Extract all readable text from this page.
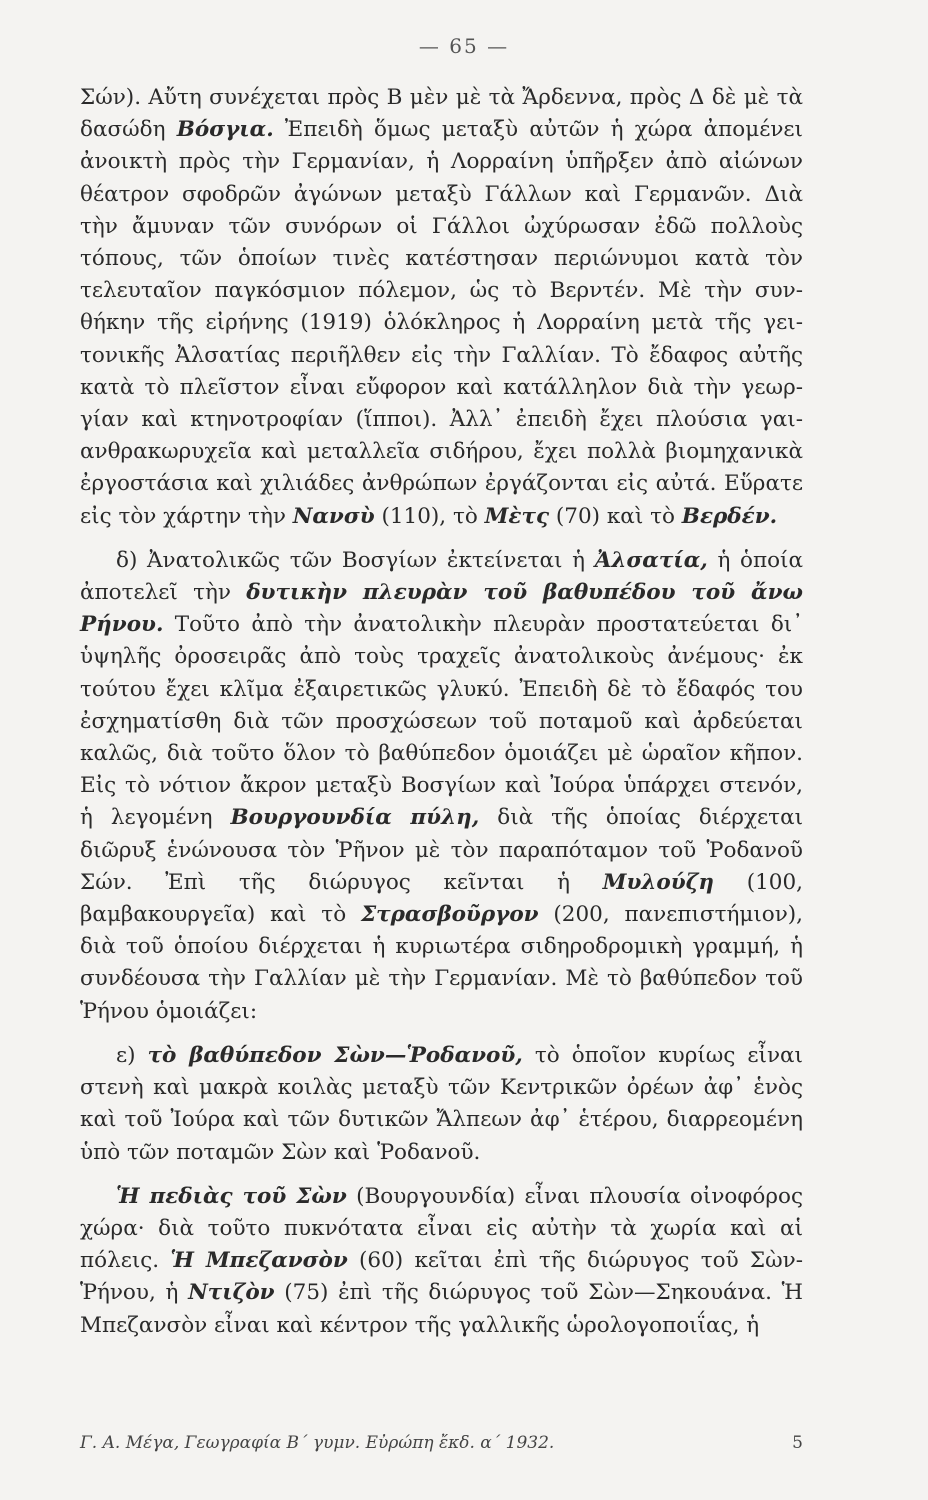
— 65 —

Σών). Αὔτη συνέχεται πρὸς Β μὲν μὲ τὰ Ἄρδεννα, πρὸς Δ δὲ μὲ τὰ δασώδη Βόσγια. Ἐπειδὴ ὅμως μεταξὺ αὐτῶν ἡ χώρα ἀπομένει ἀνοικτὴ πρὸς τὴν Γερμανίαν, ἡ Λορραίνη ὑπῆρξεν ἀπὸ αἰώνων θέατρον σφοδρῶν ἀγώνων μεταξὺ Γάλλων καὶ Γερμανῶν. Διὰ τὴν ἄμυναν τῶν συνόρων οἱ Γάλλοι ὠχύρωσαν ἐδῶ πολλοὺς τόπους, τῶν ὁποίων τινὲς κατέστησαν περιώνυμοι κατὰ τὸν τελευταῖον παγκόσμιον πόλεμον, ὡς τὸ Βερντέν. Μὲ τὴν συνθήκην τῆς εἰρήνης (1919) ὁλόκληρος ἡ Λορραίνη μετὰ τῆς γειτονικῆς Ἀλσατίας περιῆλθεν εἰς τὴν Γαλλίαν. Τὸ ἔδαφος αὐτῆς κατὰ τὸ πλεῖστον εἶναι εὔφορον καὶ κατάλληλον διὰ τὴν γεωργίαν καὶ κτηνοτροφίαν (ἵπποι). Ἀλλ᾽ ἐπειδὴ ἔχει πλούσια γαιανθρακωρυχεῖα καὶ μεταλλεῖα σιδήρου, ἔχει πολλὰ βιομηχανικὰ ἐργοστάσια καὶ χιλιάδες ἀνθρώπων ἐργάζονται εἰς αὐτά. Εὕρατε εἰς τὸν χάρτην τὴν Νανσὺ (110), τὸ Μὲτς (70) καὶ τὸ Βερδέν.

δ) Ἀνατολικῶς τῶν Βοσγίων ἐκτείνεται ἡ Ἀλσατία, ἡ ὁποία ἀποτελεῖ τὴν δυτικὴν πλευρὰν τοῦ βαθυπέδου τοῦ ἄνω Ρήνου. Τοῦτο ἀπὸ τὴν ἀνατολικὴν πλευρὰν προστατεύεται δι᾽ ὑψηλῆς ὀροσειρᾶς ἀπὸ τοὺς τραχεῖς ἀνατολικοὺς ἀνέμους· ἐκ τούτου ἔχει κλῖμα ἐξαιρετικῶς γλυκύ. Ἐπειδὴ δὲ τὸ ἔδαφός του ἐσχηματίσθη διὰ τῶν προσχώσεων τοῦ ποταμοῦ καὶ ἀρδεύεται καλῶς, διὰ τοῦτο ὅλον τὸ βαθύπεδον ὁμοιάζει μὲ ὡραῖον κῆπον. Εἰς τὸ νότιον ἄκρον μεταξὺ Βοσγίων καὶ Ἰούρα ὑπάρχει στενόν, ἡ λεγομένη Βουργουνδία πύλη, διὰ τῆς ὁποίας διέρχεται διῶρυξ ἑνώνουσα τὸν Ῥῆνον μὲ τὸν παραπόταμον τοῦ Ῥοδανοῦ Σών. Ἐπὶ τῆς διώρυγος κεῖνται ἡ Μυλούζη (100, βαμβακουργεῖα) καὶ τὸ Στρασβοῦργον (200, πανεπιστήμιον), διὰ τοῦ ὁποίου διέρχεται ἡ κυριωτέρα σιδηροδρομικὴ γραμμή, ἡ συνδέουσα τὴν Γαλλίαν μὲ τὴν Γερμανίαν. Μὲ τὸ βαθύπεδον τοῦ Ῥήνου ὁμοιάζει:

ε) τὸ βαθύπεδον Σὼν—Ῥοδανοῦ, τὸ ὁποῖον κυρίως εἶναι στενὴ καὶ μακρὰ κοιλὰς μεταξὺ τῶν Κεντρικῶν ὀρέων ἀφ᾽ ἑνὸς καὶ τοῦ Ἰούρα καὶ τῶν δυτικῶν Ἄλπεων ἀφ᾽ ἑτέρου, διαρρεομένη ὑπὸ τῶν ποταμῶν Σὼν καὶ Ῥοδανοῦ.

Ἡ πεδιὰς τοῦ Σὼν (Βουργουνδία) εἶναι πλουσία οἰνοφόρος χώρα· διὰ τοῦτο πυκνότατα εἶναι εἰς αὐτὴν τὰ χωρία καὶ αἱ πόλεις. Ἡ Μπεζανσὸν (60) κεῖται ἐπὶ τῆς διώρυγος τοῦ Σὼν-Ῥήνου, ἡ Ντιζὸν (75) ἐπὶ τῆς διώρυγος τοῦ Σὼν—Σηκουάνα. Ἡ Μπεζανσὸν εἶναι καὶ κέντρον τῆς γαλλικῆς ὡρολογοποιΐας, ἡ

Γ. Α. Μέγα, Γεωγραφία Β΄ γυμν. Εὐρώπη ἔκδ. α΄ 1932.	5
